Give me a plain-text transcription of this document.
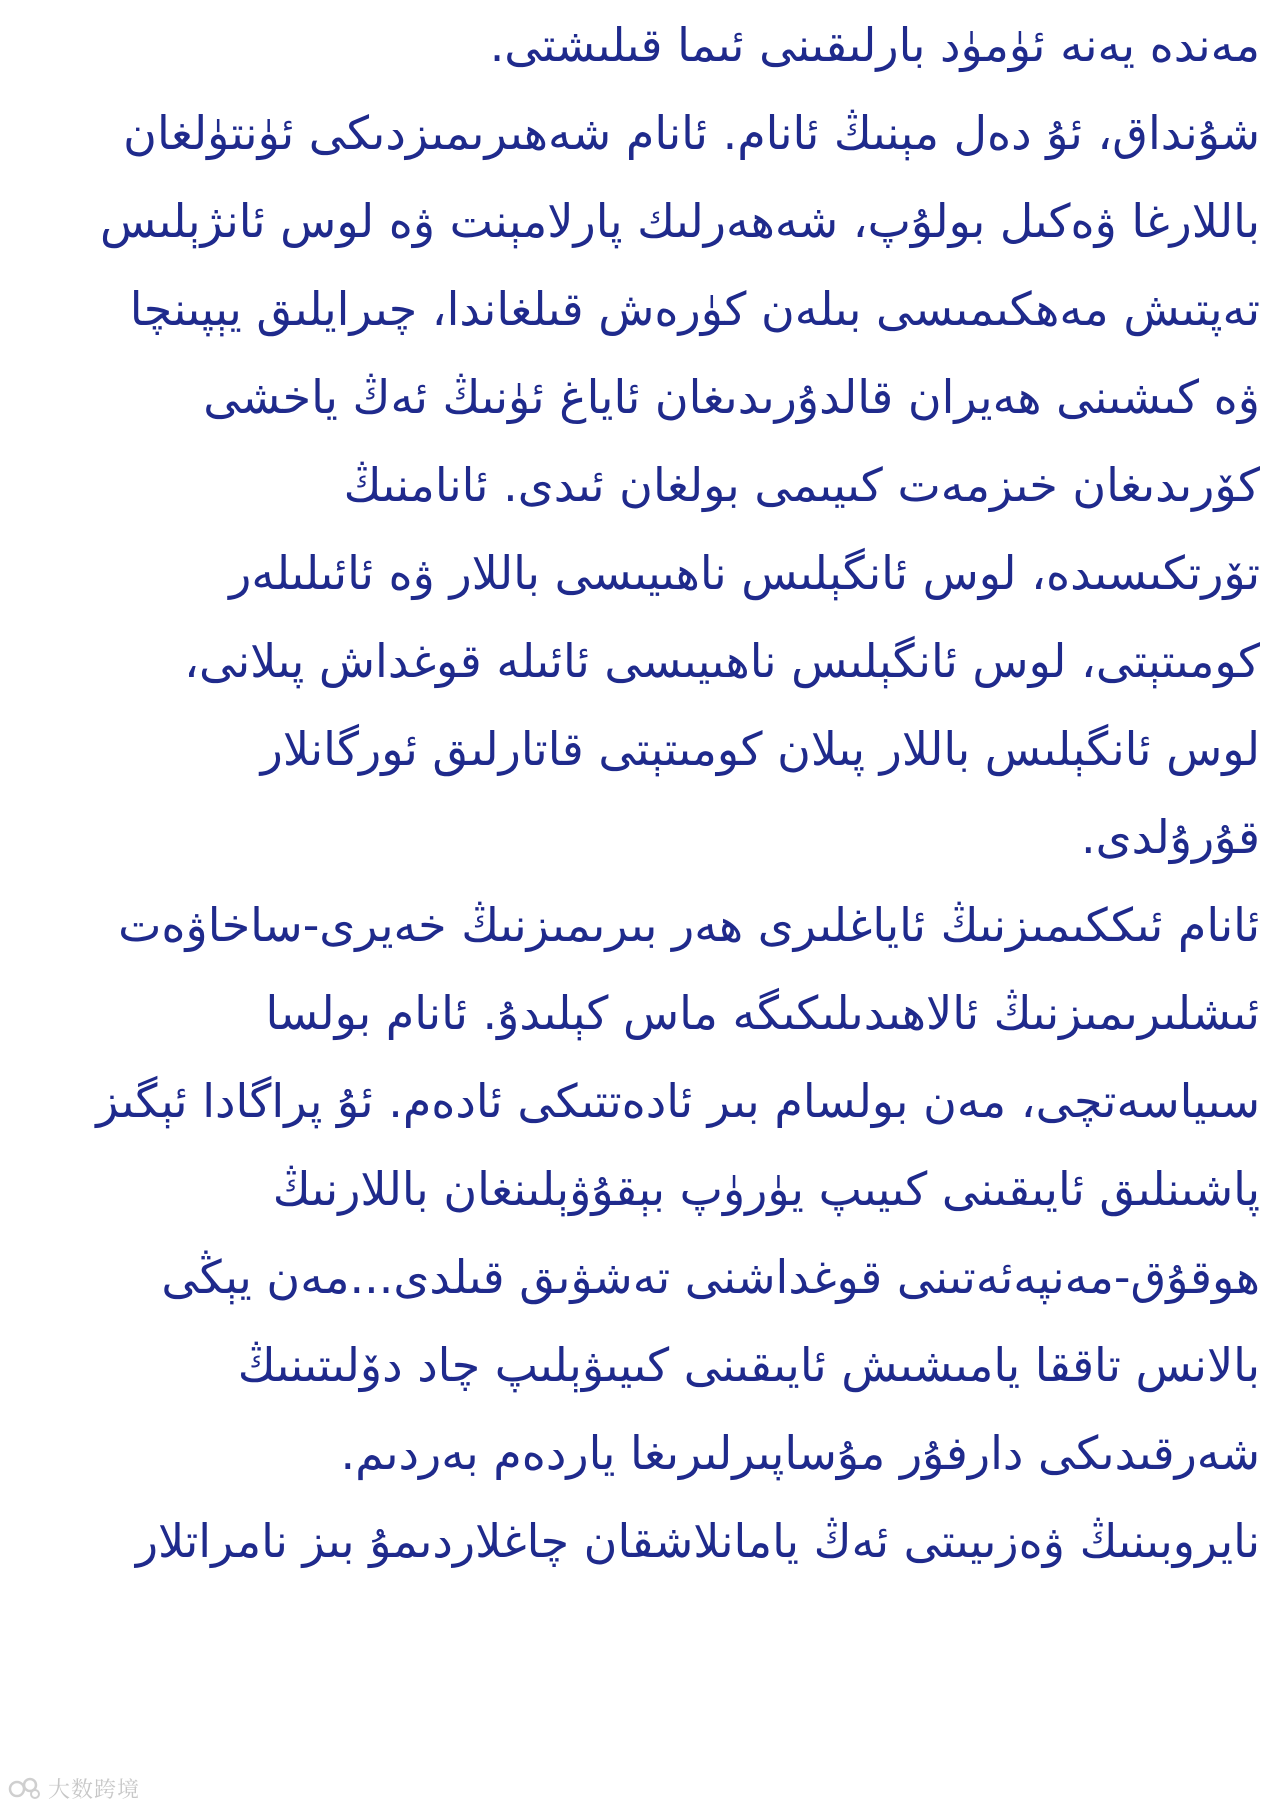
مەندە يەنە ئۈمۈد بارلىقىنى ئىما قىلىشتى.
شۇنداق، ئۇ دەل مېنىڭ ئانام. ئانام شەھىرىمىزدىكى ئۈنتۈلغان
باللارغا ۋەكىل بولۇپ، شەھەرلىك پارلامېنت ۋە لوس ئانژېلىس
تەپتىش مەھكىمىسى بىلەن كۈرەش قىلغاندا، چىرايلىق يېپىنچا
ۋە كىشىنى ھەيران قالدۇرىدىغان ئاياغ ئۈنىڭ ئەڭ ياخشى
كۆرىدىغان خىزمەت كىيىمى بولغان ئىدى. ئانامنىڭ
تۆرتكىسىدە، لوس ئانگېلىس ناھىيىسى باللار ۋە ئائىلىلەر
كومىتېتى، لوس ئانگېلىس ناھىيىسى ئائىلە قوغداش پىلانى،
لوس ئانگېلىس باللار پىلان كومىتېتى قاتارلىق ئورگانلار
قۇرۇلدى.
ئانام ئىككىمىزنىڭ ئاياغلىرى ھەر بىرىمىزنىڭ خەيرى-ساخاۋەت
ئىشلىرىمىزنىڭ ئالاھىدىلىكىگە ماس كېلىدۇ. ئانام بولسا
سىياسەتچى، مەن بولسام بىر ئادەتتىكى ئادەم. ئۇ پراگادا ئېگىز
پاشىنلىق ئايىقىنى كىيىپ يۈرۈپ بېقۇۋېلىنغان باللارنىڭ
ھوقۇق-مەنپەئەتىنى قوغداشنى تەشۋىق قىلدى...مەن يېڭى
بالانس تاققا يامىشىش ئايىقىنى كىيىۋېلىپ چاد دۆلىتىنىڭ
شەرقىدىكى دارفۇر مۇساپىرلىرىغا ياردەم بەردىم.
نايروبىنىڭ ۋەزىيىتى ئەڭ يامانلاشقان چاغلاردىمۇ بىز نامراتلار
大数跨境
